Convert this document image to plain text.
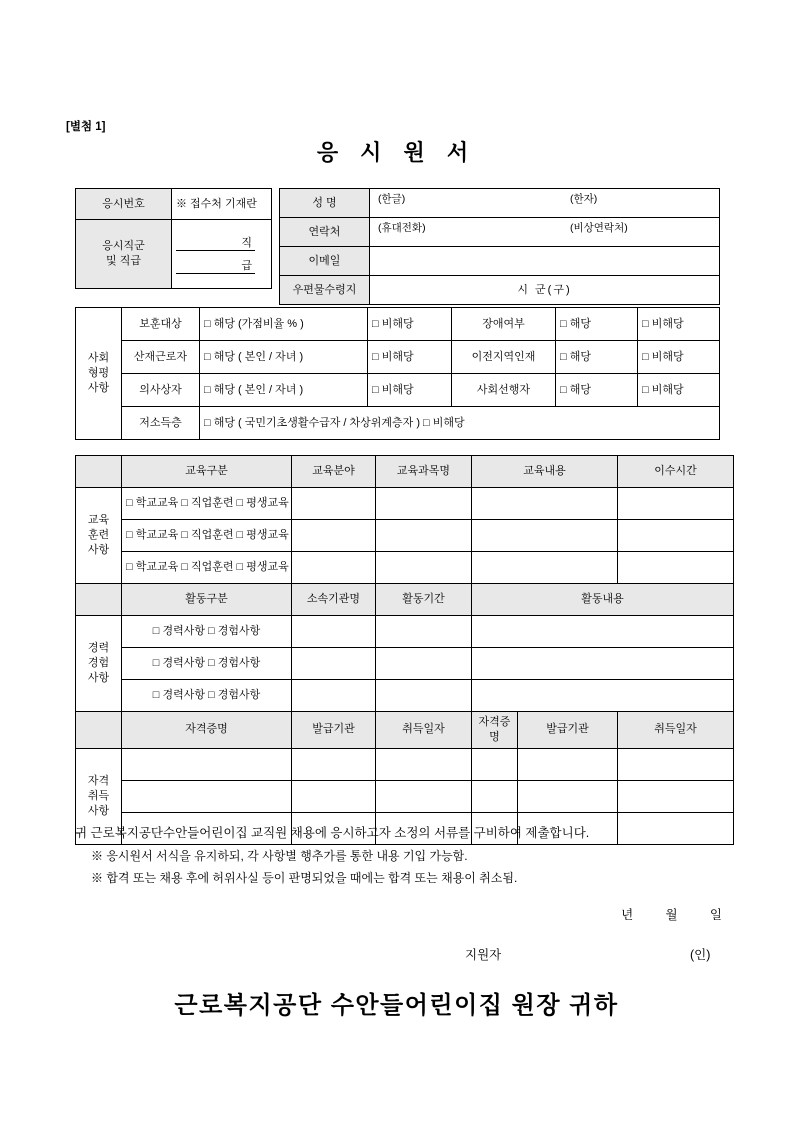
[별첨 1]
응 시 원 서
응시번호	※ 접수처 기재란
응시직군
및 직급	직
급
성 명	(한글) (한자)

연락처	(휴대전화) (비상연락처)

이메일	
우편물수령지	시 군(구)
사회
형평
사항	보훈대상	□ 해당 (가점비율 % )	□ 비해당	장애여부	□ 해당	□ 비해당
	산재근로자	□ 해당 ( 본인 / 자녀 )	□ 비해당	이전지역인재	□ 해당	□ 비해당
	의사상자	□ 해당 ( 본인 / 자녀 )	□ 비해당	사회선행자	□ 해당	□ 비해당
	저소득층	□ 해당 ( 국민기초생활수급자 / 차상위계층자 ) □ 비해당				
	교육구분	교육분야	교육과목명	교육내용		이수시간
교육
훈련
사항	□ 학교교육 □ 직업훈련 □ 평생교육					
	□ 학교교육 □ 직업훈련 □ 평생교육					
	□ 학교교육 □ 직업훈련 □ 평생교육					
	활동구분	소속기관명	활동기간	활동내용		
경력
경험
사항	□ 경력사항 □ 경험사항					
	□ 경력사항 □ 경험사항					
	□ 경력사항 □ 경험사항					
	자격증명	발급기관	취득일자	자격증명	발급기관	취득일자
자격
취득
사항						

귀 근로복지공단수안들어린이집 교직원 채용에 응시하고자 소정의 서류를 구비하여 제출합니다.
※ 응시원서 서식을 유지하되, 각 사항별 행추가를 통한 내용 기입 가능함.
※ 합격 또는 채용 후에 허위사실 등이 판명되었을 때에는 합격 또는 채용이 취소됨.
년	월	일
지원자	(인)
근로복지공단 수안들어린이집 원장 귀하
